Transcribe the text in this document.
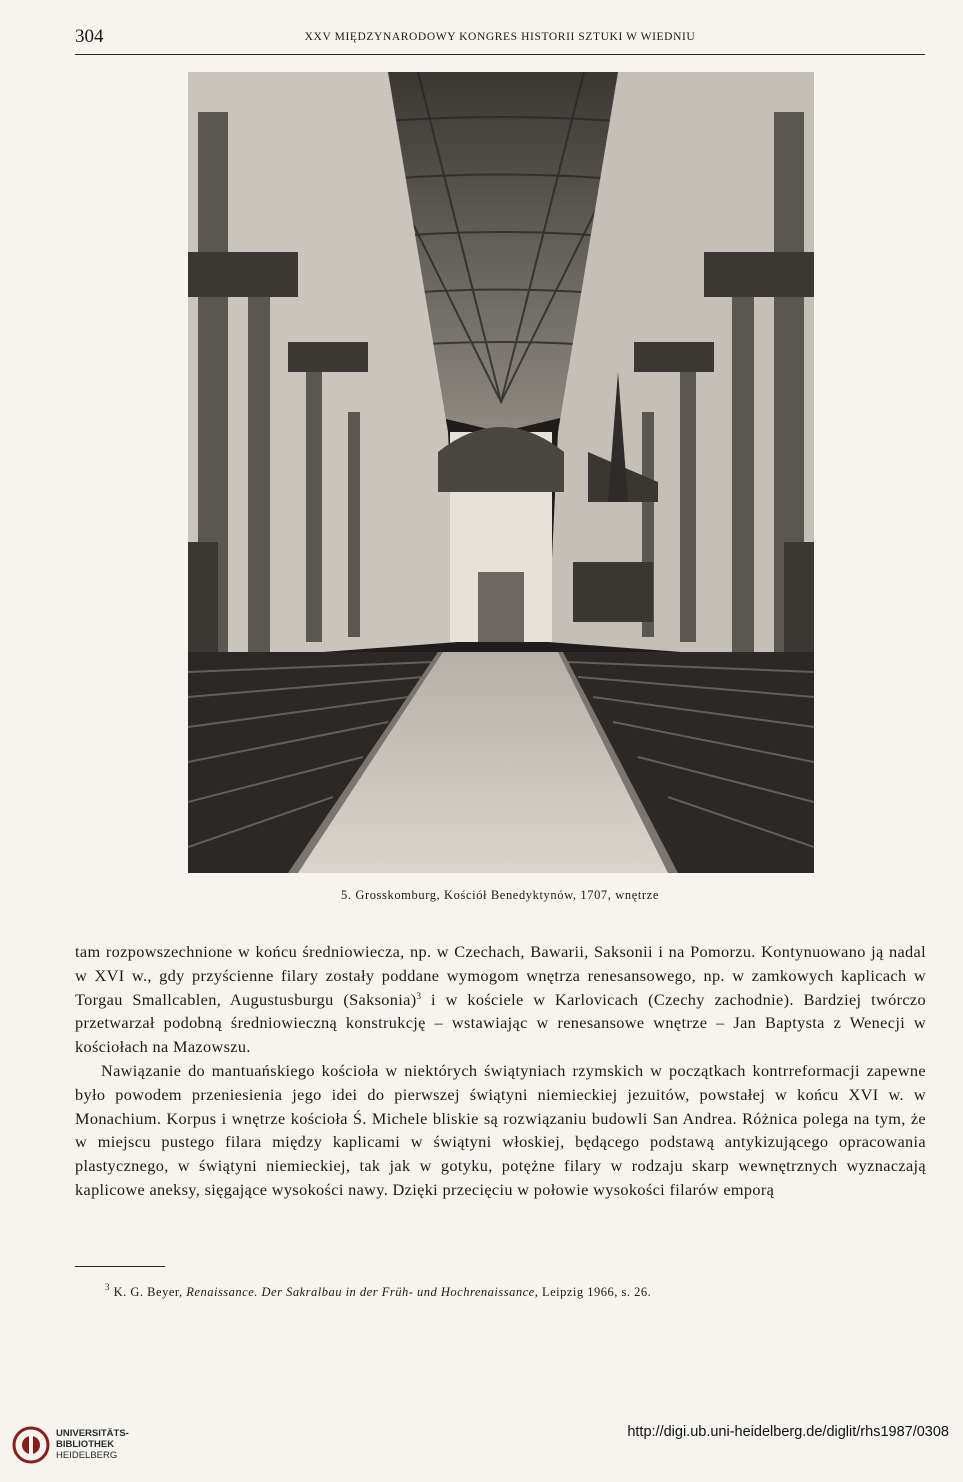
304	XXV MIĘDZYNARODOWY KONGRES HISTORII SZTUKI W WIEDNIU
5. Grosskomburg, Kościół Benedyktynów, 1707, wnętrze

tam rozpowszechnione w końcu średniowiecza, np. w Czechach, Bawarii, Saksonii i na Pomorzu. Kontynuowano ją nadal w XVI w., gdy przyścienne filary zostały poddane wymogom wnętrza renesansowego, np. w zamkowych kaplicach w Torgau Smallcablen, Augustusburgu (Saksonia)$^3$ i w kościele w Karlovicach (Czechy zachodnie). Bardziej twórczo przetwarzał podobną średniowieczną konstrukcję – wstawiając w renesansowe wnętrze – Jan Baptysta z Wenecji w kościołach na Mazowszu.

Nawiązanie do mantuańskiego kościoła w niektórych świątyniach rzymskich w początkach kontrreformacji zapewne było powodem przeniesienia jego idei do pierwszej świątyni niemieckiej jezuitów, powstałej w końcu XVI w. w Monachium. Korpus i wnętrze kościoła Ś. Michele bliskie są rozwiązaniu budowli San Andrea. Różnica polega na tym, że w miejscu pustego filara między kaplicami w świątyni włoskiej, będącego podstawą antykizującego opracowania plastycznego, w świątyni niemieckiej, tak jak w gotyku, potężne filary w rodzaju skarp wewnętrznych wyznaczają kaplicowe aneksy, sięgające wysokości nawy. Dzięki przecięciu w połowie wysokości filarów emporą

$^3$ K. G. Beyer, Renaissance. Der Sakralbau in der Früh- und Hochrenaissance, Leipzig 1966, s. 26.
UNIVERSITÄTS-
BIBLIOTHEK
HEIDELBERG
http://digi.ub.uni-heidelberg.de/diglit/rhs1987/0308
